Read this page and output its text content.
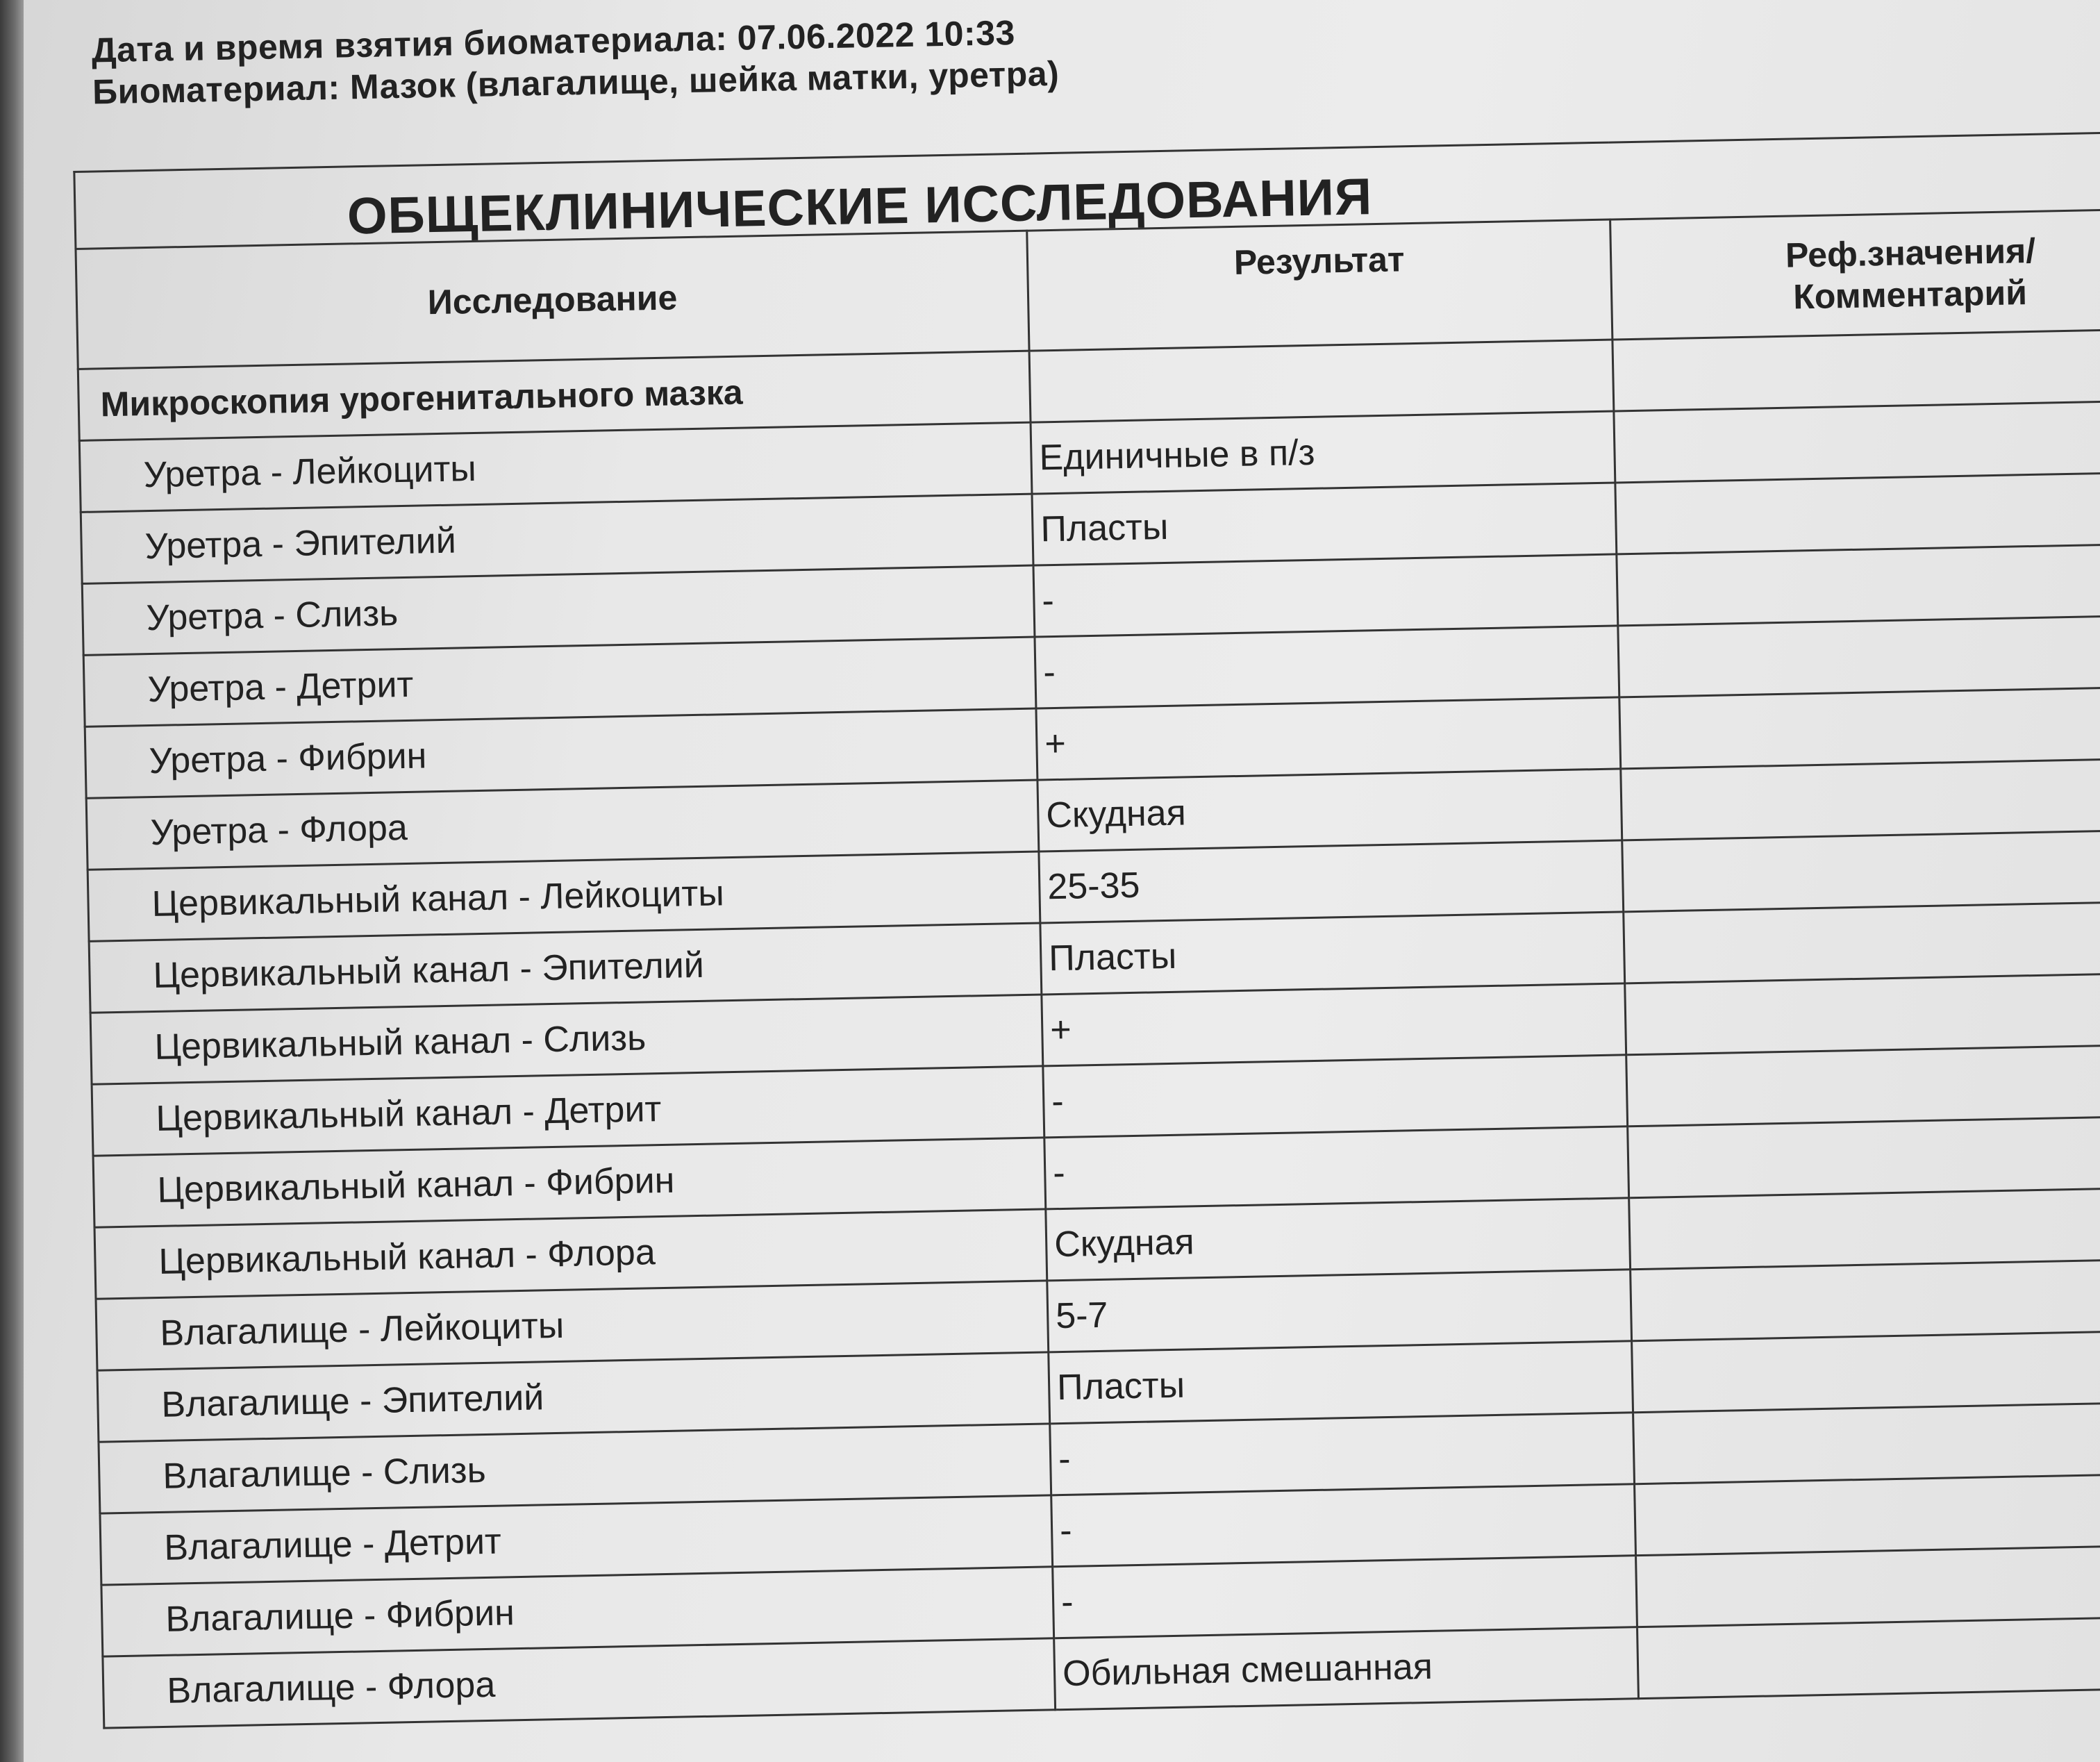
Дата и время взятия биоматериала: 07.06.2022 10:33
Биоматериал: Мазок (влагалище, шейка матки, уретра)
ОБЩЕКЛИНИЧЕСКИЕ ИССЛЕДОВАНИЯ		
Исследование	Результат	Реф.значения/
Комментарий

Микроскопия урогенитального мазка		
Уретра - Лейкоциты	Единичные в п/з	
Уретра - Эпителий	Пласты	
Уретра - Слизь	-	
Уретра - Детрит	-	
Уретра - Фибрин	+	
Уретра - Флора	Скудная	
Цервикальный канал - Лейкоциты	25-35	
Цервикальный канал - Эпителий	Пласты	
Цервикальный канал - Слизь	+	
Цервикальный канал - Детрит	-	
Цервикальный канал - Фибрин	-	
Цервикальный канал - Флора	Скудная	
Влагалище - Лейкоциты	5-7	
Влагалище - Эпителий	Пласты	
Влагалище - Слизь	-	
Влагалище - Детрит	-	
Влагалище - Фибрин	-	
Влагалище - Флора	Обильная смешанная	
